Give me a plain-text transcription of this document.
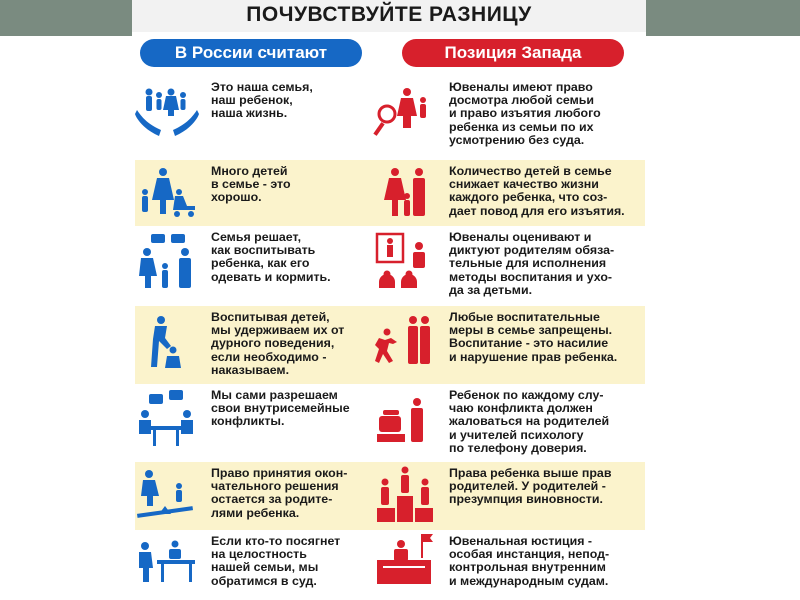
ПОЧУВСТВУЙТЕ РАЗНИЦУ
В России считают	Позиция Запада
Это наша семья,
наш ребенок,
наша жизнь.
Ювеналы имеют право
досмотра любой семьи
и право изъятия любого
ребенка из семьи по их
усмотрению без суда.
Много детей
в семье - это
хорошо.
Количество детей в семье
снижает качество жизни
каждого ребенка, что соз-
дает повод для его изъятия.
Семья решает,
как воспитывать
ребенка, как его
одевать и кормить.
Ювеналы оценивают и
диктуют родителям обяза-
тельные для исполнения
методы воспитания и ухо-
да за детьми.
Воспитывая детей,
мы удерживаем их от
дурного поведения,
если необходимо -
наказываем.
Любые воспитательные
меры в семье запрещены.
Воспитание - это насилие
и нарушение прав ребенка.
Мы сами разрешаем
свои внутрисемейные
конфликты.
Ребенок по каждому слу-
чаю конфликта должен
жаловаться на родителей
и учителей психологу
по телефону доверия.
Право принятия окон-
чательного решения
остается за родите-
лями ребенка.
Права ребенка выше прав
родителей. У родителей -
презумпция виновности.
Если кто-то посягнет
на целостность
нашей семьи, мы
обратимся в суд.
Ювенальная юстиция -
особая инстанция, непод-
контрольная внутренним
и международным судам.
